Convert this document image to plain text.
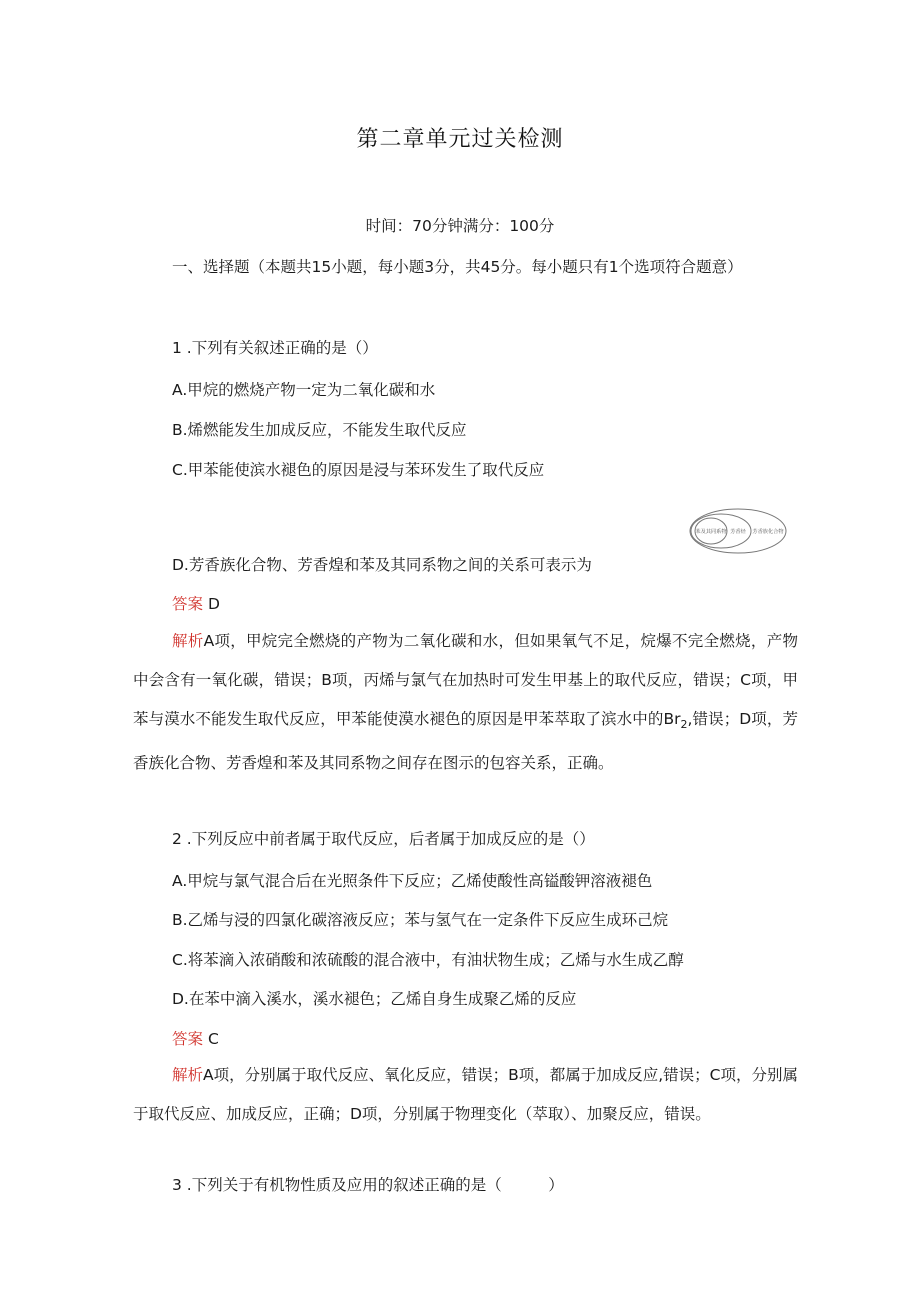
第二章单元过关检测
时间：70分钟满分：100分
一、选择题（本题共15小题，每小题3分，共45分。每小题只有1个选项符合题意）
1 .下列有关叙述正确的是（）
A.甲烷的燃烧产物一定为二氧化碳和水
B.烯燃能发生加成反应，不能发生取代反应
C.甲苯能使滨水褪色的原因是浸与苯环发生了取代反应
苯及其同系物 芳香烃 芳香族化合物
D.芳香族化合物、芳香煌和苯及其同系物之间的关系可表示为
答案 D
解析A项，甲烷完全燃烧的产物为二氧化碳和水，但如果氧气不足，烷爆不完全燃烧，产物中会含有一氧化碳，错误；B项，丙烯与氯气在加热时可发生甲基上的取代反应，错误；C项，甲苯与漠水不能发生取代反应，甲苯能使漠水褪色的原因是甲苯萃取了滨水中的$Br_2$,错误；D项，芳香族化合物、芳香煌和苯及其同系物之间存在图示的包容关系，正确。
2 .下列反应中前者属于取代反应，后者属于加成反应的是（）
A.甲烷与氯气混合后在光照条件下反应；乙烯使酸性高镒酸钾溶液褪色
B.乙烯与浸的四氯化碳溶液反应；苯与氢气在一定条件下反应生成环己烷
C.将苯滴入浓硝酸和浓硫酸的混合液中，有油状物生成；乙烯与水生成乙醇
D.在苯中滴入溪水，溪水褪色；乙烯自身生成聚乙烯的反应
答案 C
解析A项，分别属于取代反应、氧化反应，错误；B项，都属于加成反应,错误；C项，分别属于取代反应、加成反应，正确；D项，分别属于物理变化（萃取）、加聚反应，错误。
3 .下列关于有机物性质及应用的叙述正确的是（　　　）
